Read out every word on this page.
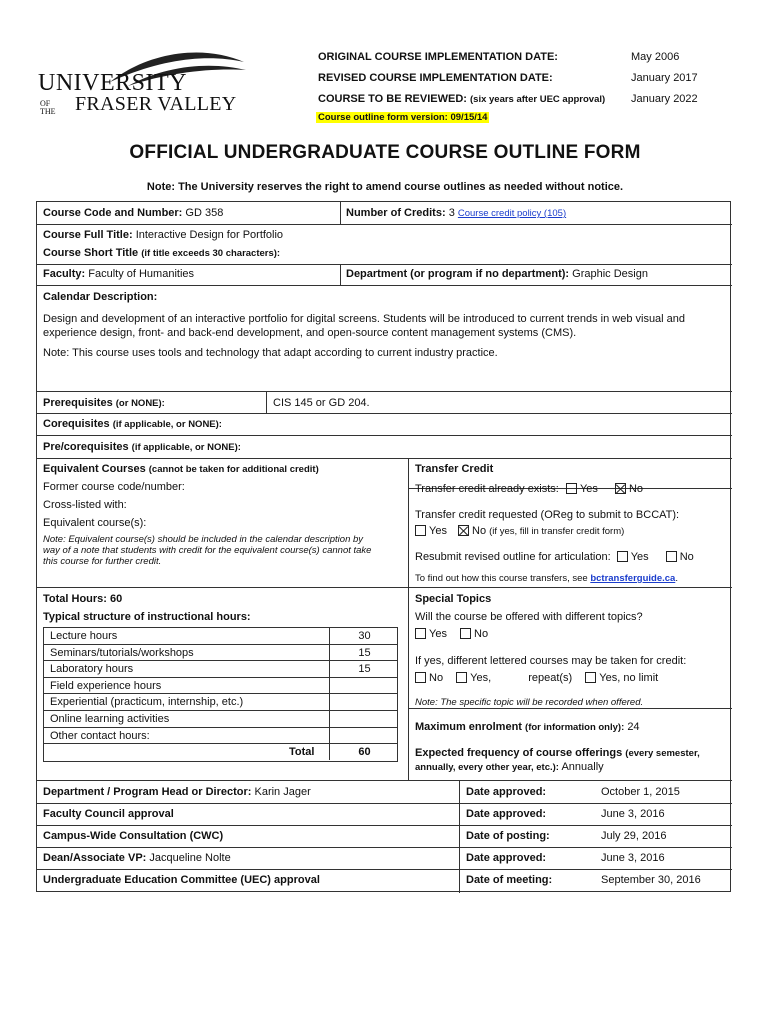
UNIVERSITY
OF
THE FRASER VALLEY
ORIGINAL COURSE IMPLEMENTATION DATE:	May 2006
REVISED COURSE IMPLEMENTATION DATE:	January 2017
COURSE TO BE REVIEWED: (six years after UEC approval) January 2022
Course outline form version: 09/15/14
OFFICIAL UNDERGRADUATE COURSE OUTLINE FORM
Note: The University reserves the right to amend course outlines as needed without notice.
Course Code and Number: GD 358	Number of Credits: 3 Course credit policy (105)
Course Full Title: Interactive Design for Portfolio
Course Short Title (if title exceeds 30 characters):
Faculty: Faculty of Humanities	Department (or program if no department): Graphic Design
Calendar Description:
Design and development of an interactive portfolio for digital screens. Students will be introduced to current trends in web visual and
experience design, front- and back-end development, and open-source content management systems (CMS).
Note: This course uses tools and technology that adapt according to current industry practice.
Prerequisites (or NONE):	CIS 145 or GD 204.
Corequisites (if applicable, or NONE):
Pre/corequisites (if applicable, or NONE):
Equivalent Courses (cannot be taken for additional credit)
Former course code/number:
Cross-listed with:
Equivalent course(s):
Note: Equivalent course(s) should be included in the calendar description by
way of a note that students with credit for the equivalent course(s) cannot take
this course for further credit.
Transfer Credit
Transfer credit already exists: Yes	No
Transfer credit requested (OReg to submit to BCCAT):
Yes No (if yes, fill in transfer credit form)
Resubmit revised outline for articulation: Yes	No
To find out how this course transfers, see bctransferguide.ca.
Total Hours: 60
Typical structure of instructional hours:
Lecture hours	30
Seminars/tutorials/workshops	15
Laboratory hours	15
Field experience hours
Experiential (practicum, internship, etc.)
Online learning activities
Other contact hours:
Total	60
Special Topics
Will the course be offered with different topics?
Yes No
If yes, different lettered courses may be taken for credit:
No Yes,	repeat(s) Yes, no limit
Note: The specific topic will be recorded when offered.
Maximum enrolment (for information only): 24
Expected frequency of course offerings (every semester,
annually, every other year, etc.): Annually
Department / Program Head or Director: Karin Jager	Date approved:	October 1, 2015
Faculty Council approval	Date approved:	June 3, 2016
Campus-Wide Consultation (CWC)	Date of posting:	July 29, 2016
Dean/Associate VP: Jacqueline Nolte	Date approved:	June 3, 2016
Undergraduate Education Committee (UEC) approval	Date of meeting:	September 30, 2016
